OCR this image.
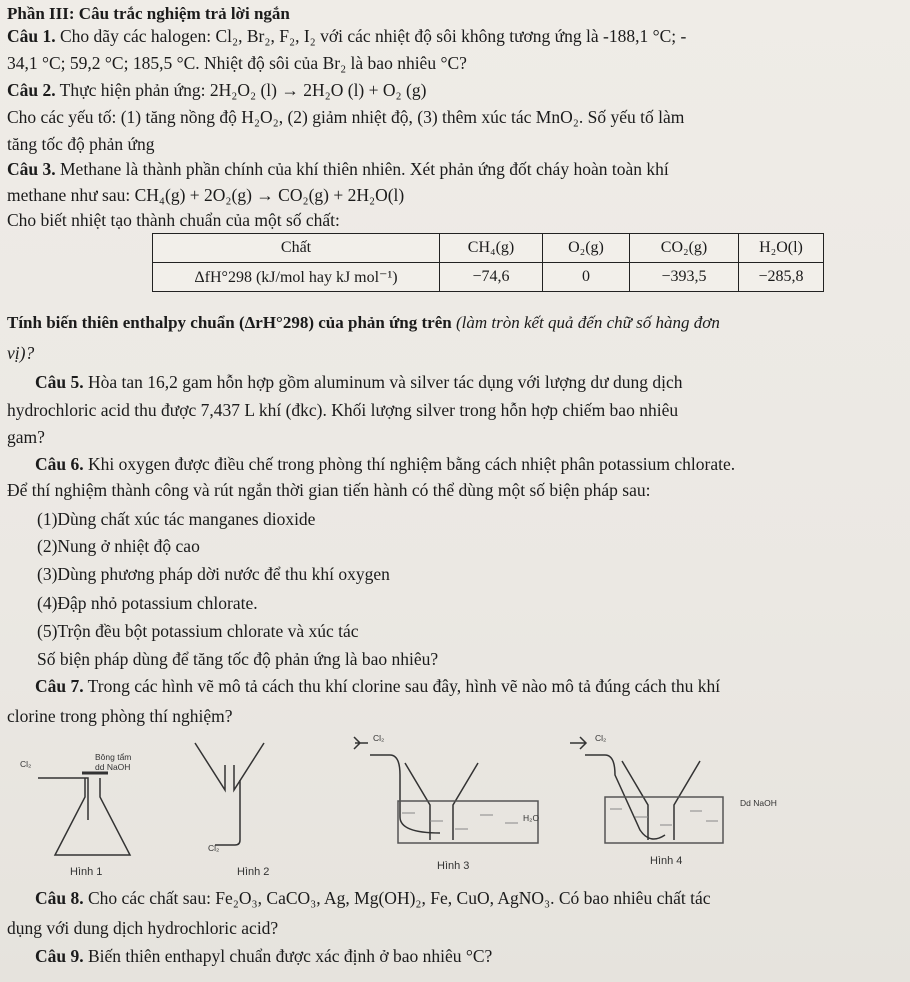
Phần III: Câu trắc nghiệm trả lời ngắn
Câu 1. Cho dãy các halogen: Cl₂, Br₂, F₂, I₂ với các nhiệt độ sôi không tương ứng là -188,1 °C; -
34,1 °C; 59,2 °C; 185,5 °C. Nhiệt độ sôi của Br₂ là bao nhiêu °C?
Câu 2. Thực hiện phản ứng: 2H₂O₂ (l) → 2H₂O (l) + O₂ (g)
Cho các yếu tố: (1) tăng nồng độ H₂O₂, (2) giảm nhiệt độ, (3) thêm xúc tác MnO₂. Số yếu tố làm
tăng tốc độ phản ứng
Câu 3. Methane là thành phần chính của khí thiên nhiên. Xét phản ứng đốt cháy hoàn toàn khí
methane như sau: CH₄(g) + 2O₂(g) → CO₂(g) + 2H₂O(l)
Cho biết nhiệt tạo thành chuẩn của một số chất:
Chất	CH₄(g)	O₂(g)	CO₂(g)	H₂O(l)
ΔfH°298 (kJ/mol hay kJ mol⁻¹)	−74,6	0	−393,5	−285,8
Tính biến thiên enthalpy chuẩn (ΔrH°298) của phản ứng trên (làm tròn kết quả đến chữ số hàng đơn
vị)?
Câu 5. Hòa tan 16,2 gam hỗn hợp gồm aluminum và silver tác dụng với lượng dư dung dịch
hydrochloric acid thu được 7,437 L khí (đkc). Khối lượng silver trong hỗn hợp chiếm bao nhiêu
gam?
Câu 6. Khi oxygen được điều chế trong phòng thí nghiệm bằng cách nhiệt phân potassium chlorate.
Để thí nghiệm thành công và rút ngắn thời gian tiến hành có thể dùng một số biện pháp sau:
(1)Dùng chất xúc tác manganes dioxide
(2)Nung ở nhiệt độ cao
(3)Dùng phương pháp dời nước để thu khí oxygen
(4)Đập nhỏ potassium chlorate.
(5)Trộn đều bột potassium chlorate và xúc tác
Số biện pháp dùng để tăng tốc độ phản ứng là bao nhiêu?
Câu 7. Trong các hình vẽ mô tả cách thu khí clorine sau đây, hình vẽ nào mô tả đúng cách thu khí
clorine trong phòng thí nghiệm?
Cl₂
Bông tẩm
dd NaOH
Hình 1
Cl₂
Hình 2
Cl₂
H₂O
Hình 3
Cl₂
Dd NaOH
Hình 4
Câu 8. Cho các chất sau: Fe₂O₃, CaCO₃, Ag, Mg(OH)₂, Fe, CuO, AgNO₃. Có bao nhiêu chất tác
dụng với dung dịch hydrochloric acid?
Câu 9. Biến thiên enthapyl chuẩn được xác định ở bao nhiêu °C?
